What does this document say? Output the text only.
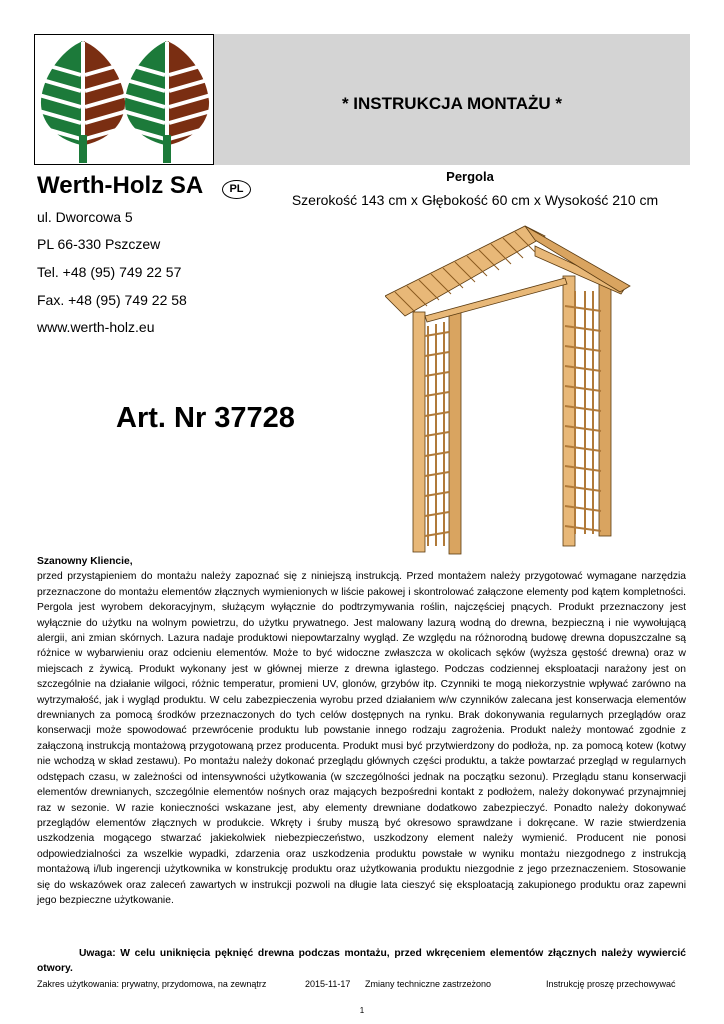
* INSTRUKCJA MONTAŻU *
Werth-Holz SA	PL
ul. Dworcowa 5
PL 66-330 Pszczew
Tel. +48 (95) 749 22 57
Fax. +48 (95) 749 22 58
www.werth-holz.eu
Pergola
Szerokość 143 cm x Głębokość 60 cm x Wysokość 210 cm
Art. Nr 37728

Szanowny Kliencie,

przed przystąpieniem do montażu należy zapoznać się z niniejszą instrukcją. Przed montażem należy przygotować wymagane narzędzia przeznaczone do montażu elementów złącznych wymienionych w liście pakowej i skontrolować załączone elementy pod kątem kompletności. Pergola jest wyrobem dekoracyjnym, służącym wyłącznie do podtrzymywania roślin, najczęściej pnących. Produkt przeznaczony jest wyłącznie do użytku na wolnym powietrzu, do użytku prywatnego. Jest malowany lazurą wodną do drewna, bezpieczną i nie wywołującą alergii, ani zmian skórnych. Lazura nadaje produktowi niepowtarzalny wygląd. Ze względu na różnorodną budowę drewna dopuszczalne są różnice w wybarwieniu oraz odcieniu elementów. Może to być widoczne zwłaszcza w okolicach sęków (wyższa gęstość drewna) oraz w miejscach z żywicą. Produkt wykonany jest w głównej mierze z drewna iglastego. Podczas codziennej eksploatacji narażony jest on szczególnie na działanie wilgoci, różnic temperatur, promieni UV, glonów, grzybów itp. Czynniki te mogą niekorzystnie wpływać zarówno na wytrzymałość, jak i wygląd produktu. W celu zabezpieczenia wyrobu przed działaniem w/w czynników zalecana jest konserwacja elementów drewnianych za pomocą środków przeznaczonych do tych celów dostępnych na rynku. Brak dokonywania regularnych przeglądów oraz konserwacji może spowodować przewrócenie produktu lub powstanie innego rodzaju zagrożenia. Produkt należy montować zgodnie z załączoną instrukcją montażową przygotowaną przez producenta. Produkt musi być przytwierdzony do podłoża, np. za pomocą kotew (kotwy nie wchodzą w skład zestawu). Po montażu należy dokonać przeglądu głównych części produktu, a także powtarzać przegląd w regularnych odstępach czasu, w zależności od intensywności użytkowania (w szczególności jednak na początku sezonu). Przeglądu stanu konserwacji elementów drewnianych, szczególnie elementów nośnych oraz mających bezpośredni kontakt z podłożem, należy dokonywać przynajmniej raz w sezonie. W razie konieczności wskazane jest, aby elementy drewniane dodatkowo zabezpieczyć. Ponadto należy dokonywać przeglądów elementów złącznych w produkcie. Wkręty i śruby muszą być okresowo sprawdzane i dokręcane. W razie stwierdzenia uszkodzenia mogącego stwarzać jakiekolwiek niebezpieczeństwo, uszkodzony element należy wymienić. Producent nie ponosi odpowiedzialności za wszelkie wypadki, zdarzenia oraz uszkodzenia produktu powstałe w wyniku montażu niezgodnego z instrukcją montażową i/lub ingerencji użytkownika w konstrukcję produktu oraz użytkowania produktu niezgodnie z jego przeznaczeniem. Stosowanie się do wskazówek oraz zaleceń zawartych w instrukcji pozwoli na długie lata cieszyć się eksploatacją zakupionego produktu oraz zapewni jego bezpieczne użytkowanie.

Uwaga: W celu uniknięcia pęknięć drewna podczas montażu, przed wkręceniem elementów złącznych należy wywiercić otwory.
Zakres użytkowania: prywatny, przydomowa, na zewnątrz	2015-11-17 Zmiany techniczne zastrzeżono	Instrukcję proszę przechowywać
1
